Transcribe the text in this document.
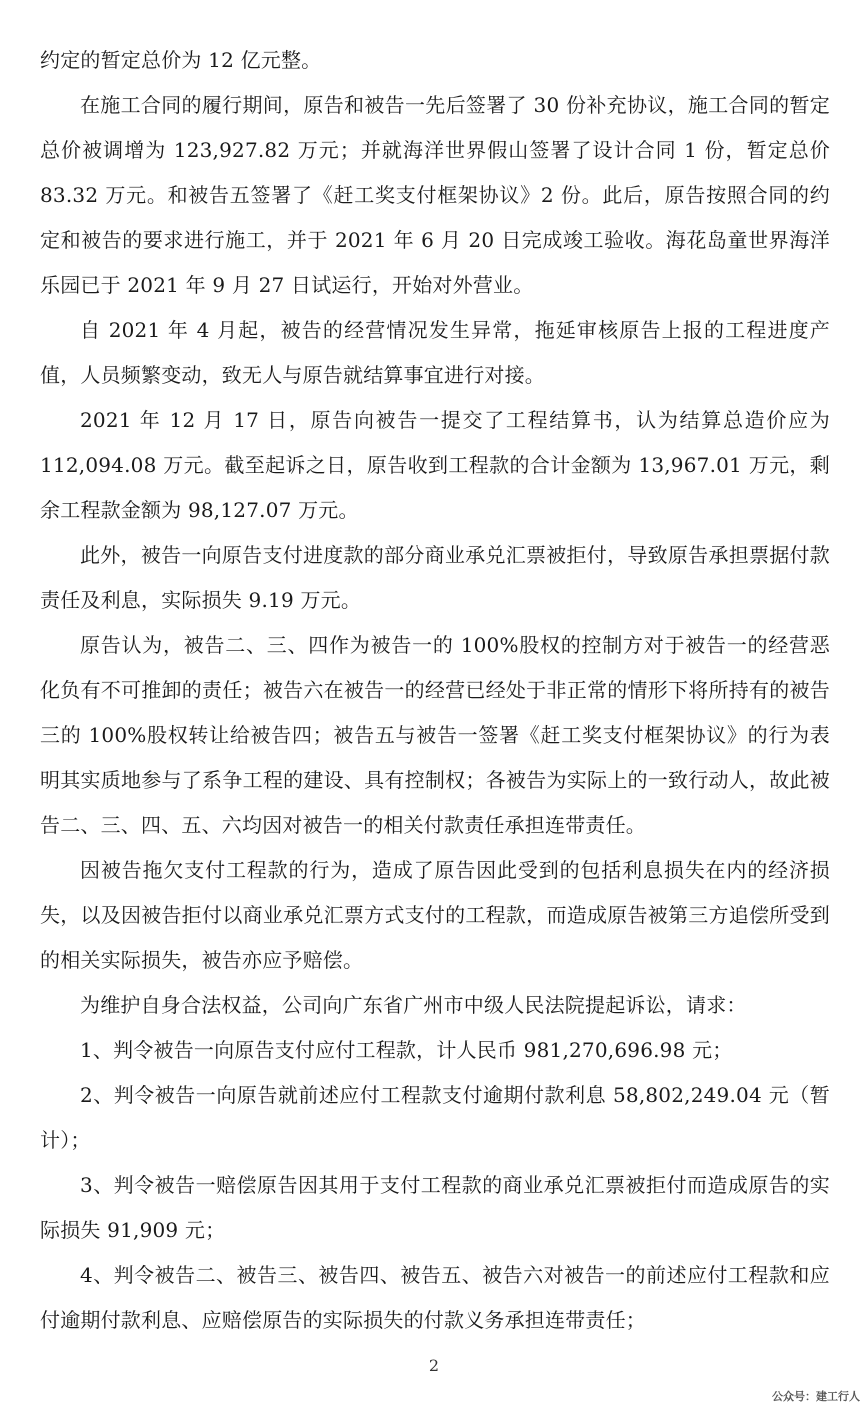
约定的暂定总价为 12 亿元整。

在施工合同的履行期间，原告和被告一先后签署了 30 份补充协议，施工合同的暂定总价被调增为 123,927.82 万元；并就海洋世界假山签署了设计合同 1 份，暂定总价 83.32 万元。和被告五签署了《赶工奖支付框架协议》2 份。此后，原告按照合同的约定和被告的要求进行施工，并于 2021 年 6 月 20 日完成竣工验收。海花岛童世界海洋乐园已于 2021 年 9 月 27 日试运行，开始对外营业。

自 2021 年 4 月起，被告的经营情况发生异常，拖延审核原告上报的工程进度产值，人员频繁变动，致无人与原告就结算事宜进行对接。

2021 年 12 月 17 日，原告向被告一提交了工程结算书，认为结算总造价应为 112,094.08 万元。截至起诉之日，原告收到工程款的合计金额为 13,967.01 万元，剩余工程款金额为 98,127.07 万元。

此外，被告一向原告支付进度款的部分商业承兑汇票被拒付，导致原告承担票据付款责任及利息，实际损失 9.19 万元。

原告认为，被告二、三、四作为被告一的 100%股权的控制方对于被告一的经营恶化负有不可推卸的责任；被告六在被告一的经营已经处于非正常的情形下将所持有的被告三的 100%股权转让给被告四；被告五与被告一签署《赶工奖支付框架协议》的行为表明其实质地参与了系争工程的建设、具有控制权；各被告为实际上的一致行动人，故此被告二、三、四、五、六均因对被告一的相关付款责任承担连带责任。

因被告拖欠支付工程款的行为，造成了原告因此受到的包括利息损失在内的经济损失，以及因被告拒付以商业承兑汇票方式支付的工程款，而造成原告被第三方追偿所受到的相关实际损失，被告亦应予赔偿。

为维护自身合法权益，公司向广东省广州市中级人民法院提起诉讼，请求：

1、判令被告一向原告支付应付工程款，计人民币 981,270,696.98 元；

2、判令被告一向原告就前述应付工程款支付逾期付款利息 58,802,249.04 元（暂计）；

3、判令被告一赔偿原告因其用于支付工程款的商业承兑汇票被拒付而造成原告的实际损失 91,909 元；

4、判令被告二、被告三、被告四、被告五、被告六对被告一的前述应付工程款和应付逾期付款利息、应赔偿原告的实际损失的付款义务承担连带责任；

2
公众号：建工行人
